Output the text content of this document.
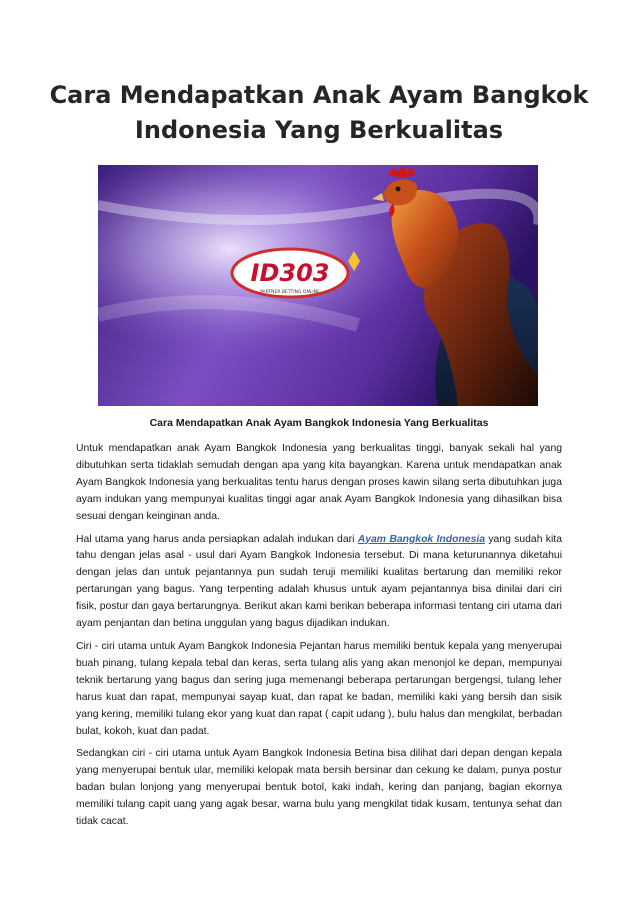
Cara Mendapatkan Anak Ayam Bangkok
Indonesia Yang Berkualitas
ID303
PARTNER BETTING ONLINE
Cara Mendapatkan Anak Ayam Bangkok Indonesia Yang Berkualitas

Untuk mendapatkan anak Ayam Bangkok Indonesia yang berkualitas tinggi, banyak sekali hal yang dibutuhkan serta tidaklah semudah dengan apa yang kita bayangkan. Karena untuk mendapatkan anak Ayam Bangkok Indonesia yang berkualitas tentu harus dengan proses kawin silang serta dibutuhkan juga ayam indukan yang mempunyai kualitas tinggi agar anak Ayam Bangkok Indonesia yang dihasilkan bisa sesuai dengan keinginan anda.

Hal utama yang harus anda persiapkan adalah indukan dari Ayam Bangkok Indonesia yang sudah kita tahu dengan jelas asal - usul dari Ayam Bangkok Indonesia tersebut. Di mana keturunannya diketahui dengan jelas dan untuk pejantannya pun sudah teruji memiliki kualitas bertarung dan memiliki rekor pertarungan yang bagus. Yang terpenting adalah khusus untuk ayam pejantannya bisa dinilai dari ciri fisik, postur dan gaya bertarungnya. Berikut akan kami berikan beberapa informasi tentang ciri utama dari ayam penjantan dan betina unggulan yang bagus dijadikan indukan.

Ciri - ciri utama untuk Ayam Bangkok Indonesia Pejantan harus memiliki bentuk kepala yang menyerupai buah pinang, tulang kepala tebal dan keras, serta tulang alis yang akan menonjol ke depan, mempunyai teknik bertarung yang bagus dan sering juga memenangi beberapa pertarungan bergengsi, tulang leher harus kuat dan rapat, mempunyai sayap kuat, dan rapat ke badan, memiliki kaki yang bersih dan sisik yang kering, memiliki tulang ekor yang kuat dan rapat ( capit udang ), bulu halus dan mengkilat, berbadan bulat, kokoh, kuat dan padat.

Sedangkan ciri - ciri utama untuk Ayam Bangkok Indonesia Betina bisa dilihat dari depan dengan kepala yang menyerupai bentuk ular, memiliki kelopak mata bersih bersinar dan cekung ke dalam, punya postur badan bulan lonjong yang menyerupai bentuk botol, kaki indah, kering dan panjang, bagian ekornya memiliki tulang capit uang yang agak besar, warna bulu yang mengkilat tidak kusam, tentunya sehat dan tidak cacat.
